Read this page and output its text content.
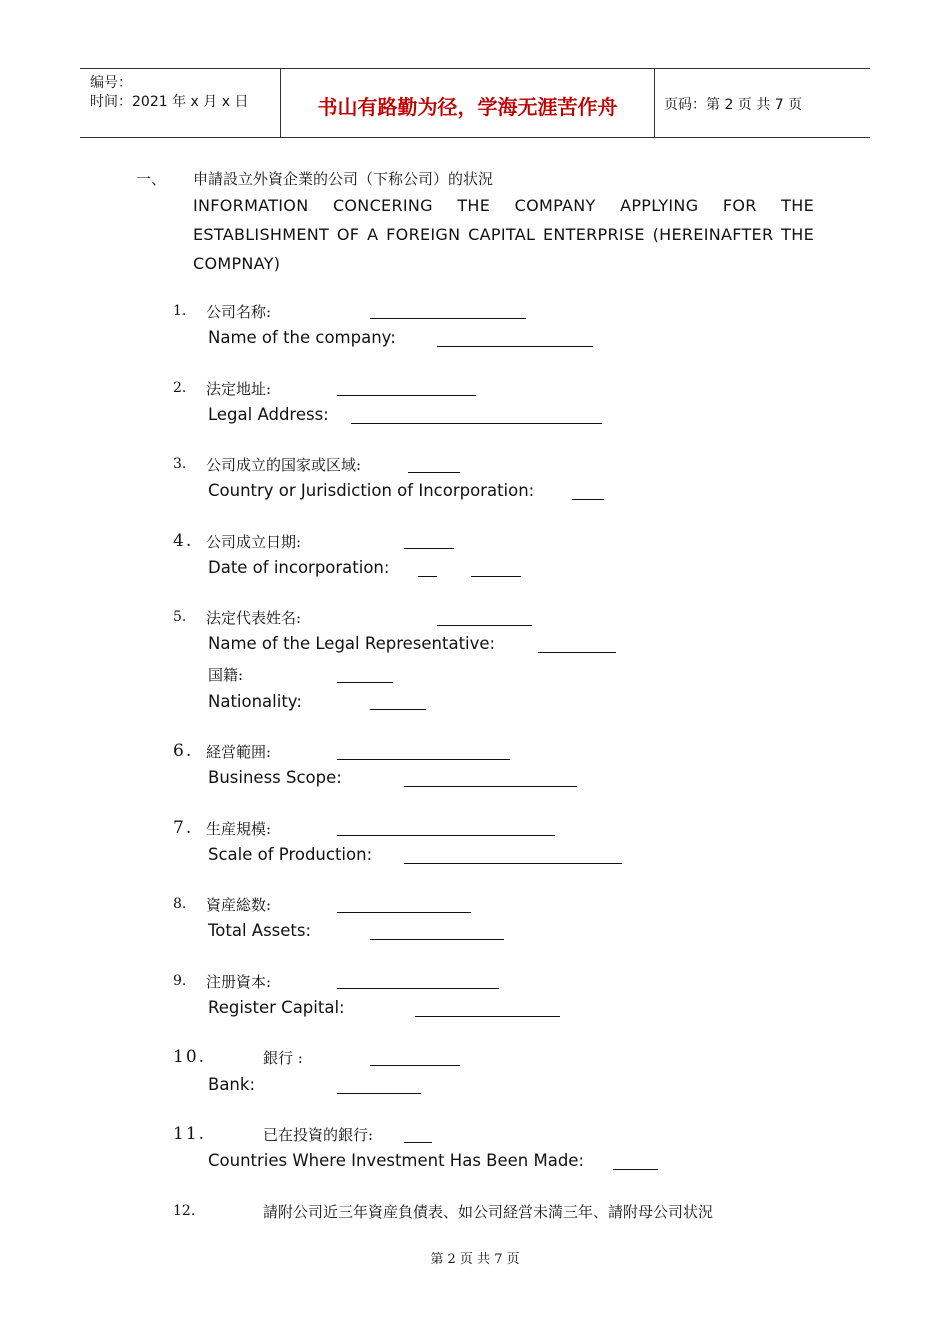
编号：
时间：2021 年 x 月 x 日	书山有路勤为径，学海无涯苦作舟	页码：第 2 页 共 7 页
一、 申請設立外資企業的公司（下称公司）的状況
INFORMATION CONCERING THE COMPANY APPLYING FOR THE ESTABLISHMENT OF A FOREIGN CAPITAL ENTERPRISE (HEREINAFTER THE COMPNAY)
1. 公司名称:
Name of the company:
2. 法定地址:
Legal Address:
3. 公司成立的国家或区域:
Country or Jurisdiction of Incorporation:
4. 公司成立日期:
Date of incorporation:
5. 法定代表姓名:
Name of the Legal Representative:
国籍:
Nationality:
6. 経営範囲:
Business Scope:
7. 生産規模:
Scale of Production:
8. 資産総数:
Total Assets:
9. 注册資本:
Register Capital:
10.	銀行 :
Bank:
11.	已在投資的銀行:
Countries Where Investment Has Been Made:
12.	請附公司近三年資産負債表、如公司経営未満三年、請附母公司状況
第 2 页 共 7 页
